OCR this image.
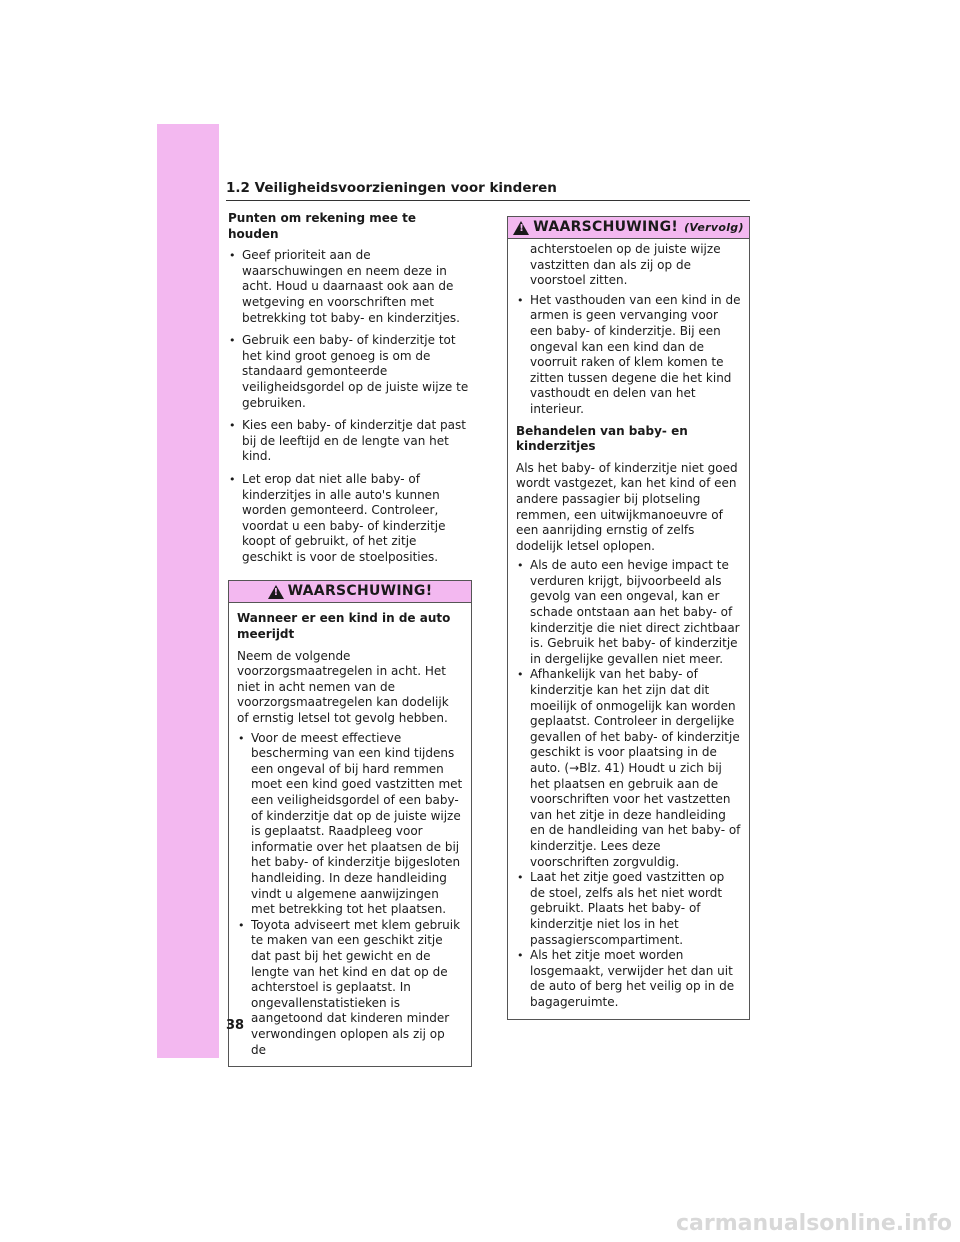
1.2 Veiligheidsvoorzieningen voor kinderen
Punten om rekening mee te houden
• Geef prioriteit aan de waarschuwingen en neem deze in acht. Houd u daarnaast ook aan de wetgeving en voorschriften met betrekking tot baby- en kinderzitjes.
• Gebruik een baby- of kinderzitje tot het kind groot genoeg is om de standaard gemonteerde veiligheidsgordel op de juiste wijze te gebruiken.
• Kies een baby- of kinderzitje dat past bij de leeftijd en de lengte van het kind.
• Let erop dat niet alle baby- of kinderzitjes in alle auto's kunnen worden gemonteerd. Controleer, voordat u een baby- of kinderzitje koopt of gebruikt, of het zitje geschikt is voor de stoelposities.
!
WAARSCHUWING!
Wanneer er een kind in de auto meerijdt
Neem de volgende voorzorgsmaatregelen in acht. Het niet in acht nemen van de voorzorgsmaatregelen kan dodelijk of ernstig letsel tot gevolg hebben.
• Voor de meest effectieve bescherming van een kind tijdens een ongeval of bij hard remmen moet een kind goed vastzitten met een veiligheidsgordel of een baby- of kinderzitje dat op de juiste wijze is geplaatst. Raadpleeg voor informatie over het plaatsen de bij het baby- of kinderzitje bijgesloten handleiding. In deze handleiding vindt u algemene aanwijzingen met betrekking tot het plaatsen.
• Toyota adviseert met klem gebruik te maken van een geschikt zitje dat past bij het gewicht en de lengte van het kind en dat op de achterstoel is geplaatst. In ongevallenstatistieken is aangetoond dat kinderen minder verwondingen oplopen als zij op de
!
WAARSCHUWING! (Vervolg)
achterstoelen op de juiste wijze vastzitten dan als zij op de voorstoel zitten.
• Het vasthouden van een kind in de armen is geen vervanging voor een baby- of kinderzitje. Bij een ongeval kan een kind dan de voorruit raken of klem komen te zitten tussen degene die het kind vasthoudt en delen van het interieur.
Behandelen van baby- en kinderzitjes
Als het baby- of kinderzitje niet goed wordt vastgezet, kan het kind of een andere passagier bij plotseling remmen, een uitwijkmanoeuvre of een aanrijding ernstig of zelfs dodelijk letsel oplopen.
• Als de auto een hevige impact te verduren krijgt, bijvoorbeeld als gevolg van een ongeval, kan er schade ontstaan aan het baby- of kinderzitje die niet direct zichtbaar is. Gebruik het baby- of kinderzitje in dergelijke gevallen niet meer.
• Afhankelijk van het baby- of kinderzitje kan het zijn dat dit moeilijk of onmogelijk kan worden geplaatst. Controleer in dergelijke gevallen of het baby- of kinderzitje geschikt is voor plaatsing in de auto. (→Blz. 41) Houdt u zich bij het plaatsen en gebruik aan de voorschriften voor het vastzetten van het zitje in deze handleiding en de handleiding van het baby- of kinderzitje. Lees deze voorschriften zorgvuldig.
• Laat het zitje goed vastzitten op de stoel, zelfs als het niet wordt gebruikt. Plaats het baby- of kinderzitje niet los in het passagierscompartiment.
• Als het zitje moet worden losgemaakt, verwijder het dan uit de auto of berg het veilig op in de bagageruimte.
38
carmanualsonline.info
